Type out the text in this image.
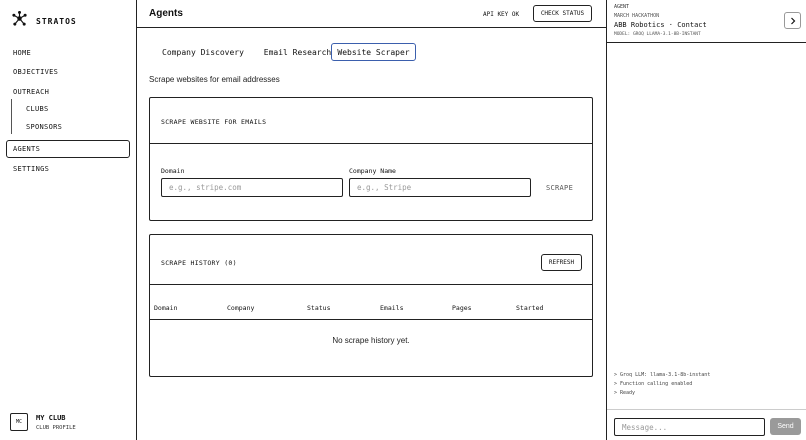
STRATOS
HOME
OBJECTIVES
OUTREACH
CLUBS
SPONSORS
AGENTS
SETTINGS
MC
MY CLUB
CLUB PROFILE
Agents	API KEY OK	CHECK STATUS
Company Discovery	Email Research Website Scraper

Scrape websites for email addresses

SCRAPE WEBSITE FOR EMAILS
Domain
e.g., stripe.com
Company Name
e.g., Stripe	SCRAPE
SCRAPE HISTORY (0)	REFRESH
Domain	Company	Status	Emails	Pages	Started

No scrape history yet.

AGENT
MARCH HACKATHON
ABB Robotics · Contact
MODEL: GROQ LLAMA-3.1-8B-INSTANT
> Groq LLM: llama-3.1-8b-instant
> Function calling enabled
> Ready
Message...	Send
